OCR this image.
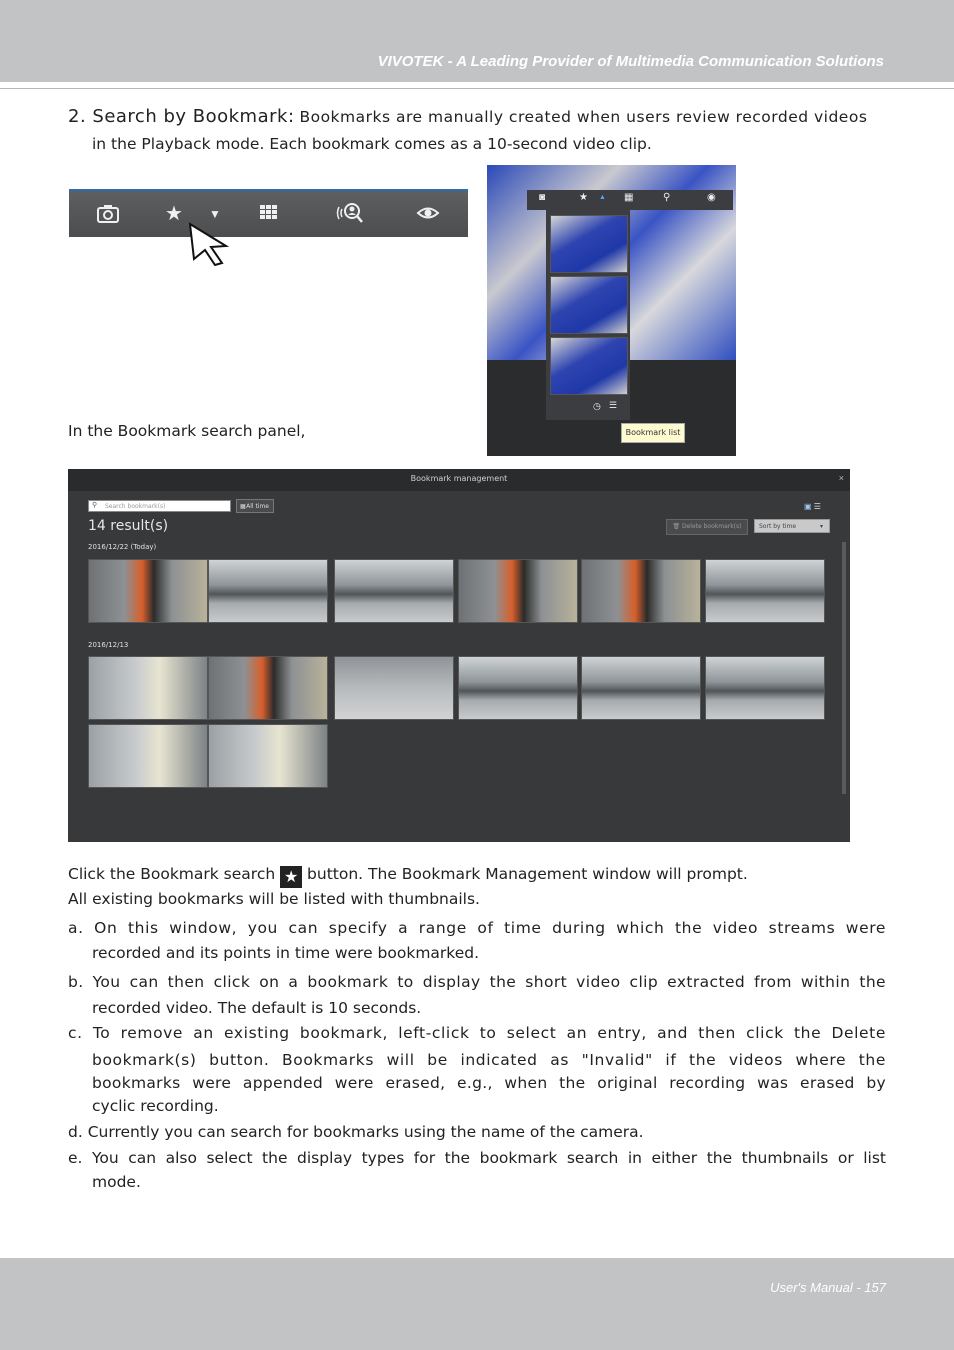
VIVOTEK - A Leading Provider of Multimedia Communication Solutions
2. Search by Bookmark: Bookmarks are manually created when users review recorded videos
in the Playback mode. Each bookmark comes as a 10-second video clip.
★	▼
◙	★ ▲ ▦	⚲	◉
◷ ☰
Bookmark list
In the Bookmark search panel,
Bookmark management	×
Search bookmark(s)
⚲	▦ All time	▣ ☰
14 result(s)	🗑 Delete bookmark(s)	Sort by time	▾
2016/12/22 (Today)
2016/12/13
Click the Bookmark search ★ button. The Bookmark Management window will prompt.
All existing bookmarks will be listed with thumbnails.
a. On this window, you can specify a range of time during which the video streams were
recorded and its points in time were bookmarked.
b. You can then click on a bookmark to display the short video clip extracted from within the
recorded video. The default is 10 seconds.
c. To remove an existing bookmark, left-click to select an entry, and then click the Delete
bookmark(s) button. Bookmarks will be indicated as "Invalid" if the videos where the
bookmarks were appended were erased, e.g., when the original recording was erased by
cyclic recording.
d. Currently you can search for bookmarks using the name of the camera.
e. You can also select the display types for the bookmark search in either the thumbnails or list
mode.
User's Manual - 157
